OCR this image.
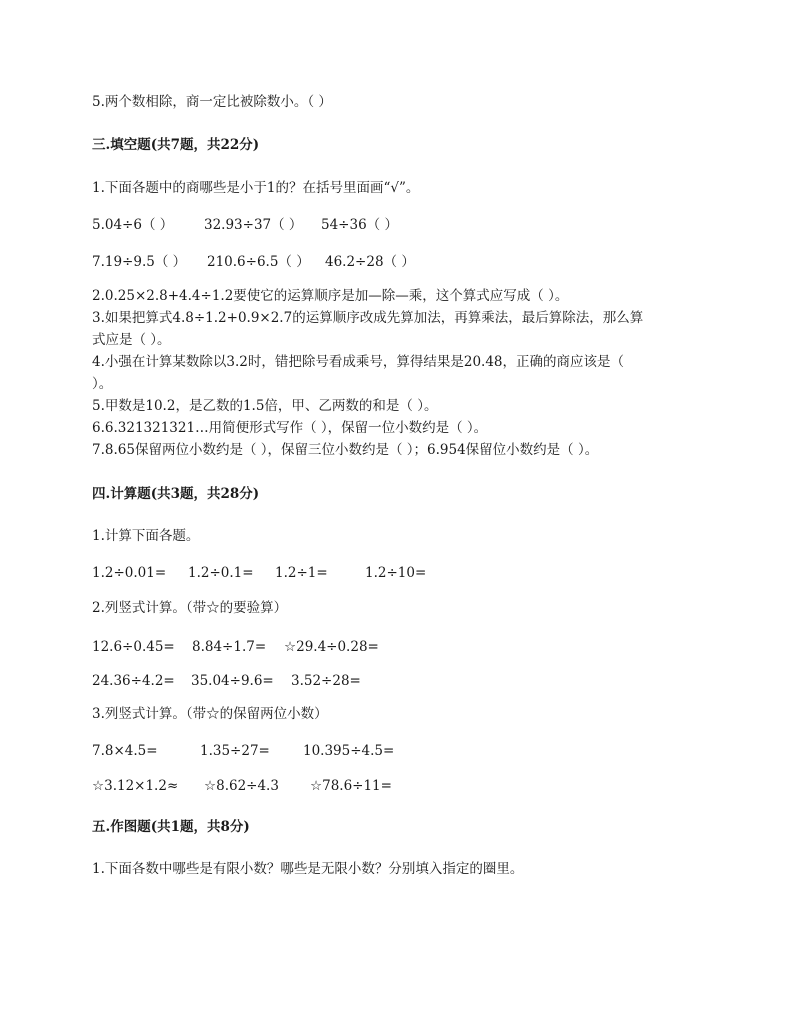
5.两个数相除，商一定比被除数小。（ ）
三.填空题(共7题，共22分)
1.下面各题中的商哪些是小于1的？在括号里面画“√”。
5.04÷6（ ） 32.93÷37（ ） 54÷36（ ）
7.19÷9.5（ ） 210.6÷6.5（ ） 46.2÷28（ ）
2.0.25×2.8+4.4÷1.2要使它的运算顺序是加—除—乘，这个算式应写成（ ）。
3.如果把算式4.8÷1.2+0.9×2.7的运算顺序改成先算加法，再算乘法，最后算除法，那么算
式应是（ ）。
4.小强在计算某数除以3.2时，错把除号看成乘号，算得结果是20.48，正确的商应该是（
）。
5.甲数是10.2，是乙数的1.5倍，甲、乙两数的和是（ ）。
6.6.321321321…用简便形式写作（ ），保留一位小数约是（ ）。
7.8.65保留两位小数约是（ ），保留三位小数约是（ ）；6.954保留位小数约是（ ）。
四.计算题(共3题，共28分)
1.计算下面各题。
1.2÷0.01= 1.2÷0.1= 1.2÷1=	1.2÷10=
2.列竖式计算。（带☆的要验算）
12.6÷0.45= 8.84÷1.7= ☆29.4÷0.28=
24.36÷4.2= 35.04÷9.6= 3.52÷28=
3.列竖式计算。（带☆的保留两位小数）
7.8×4.5=	1.35÷27= 10.395÷4.5=
☆3.12×1.2≈ ☆8.62÷4.3 ☆78.6÷11=
五.作图题(共1题，共8分)
1.下面各数中哪些是有限小数？哪些是无限小数？分别填入指定的圈里。
